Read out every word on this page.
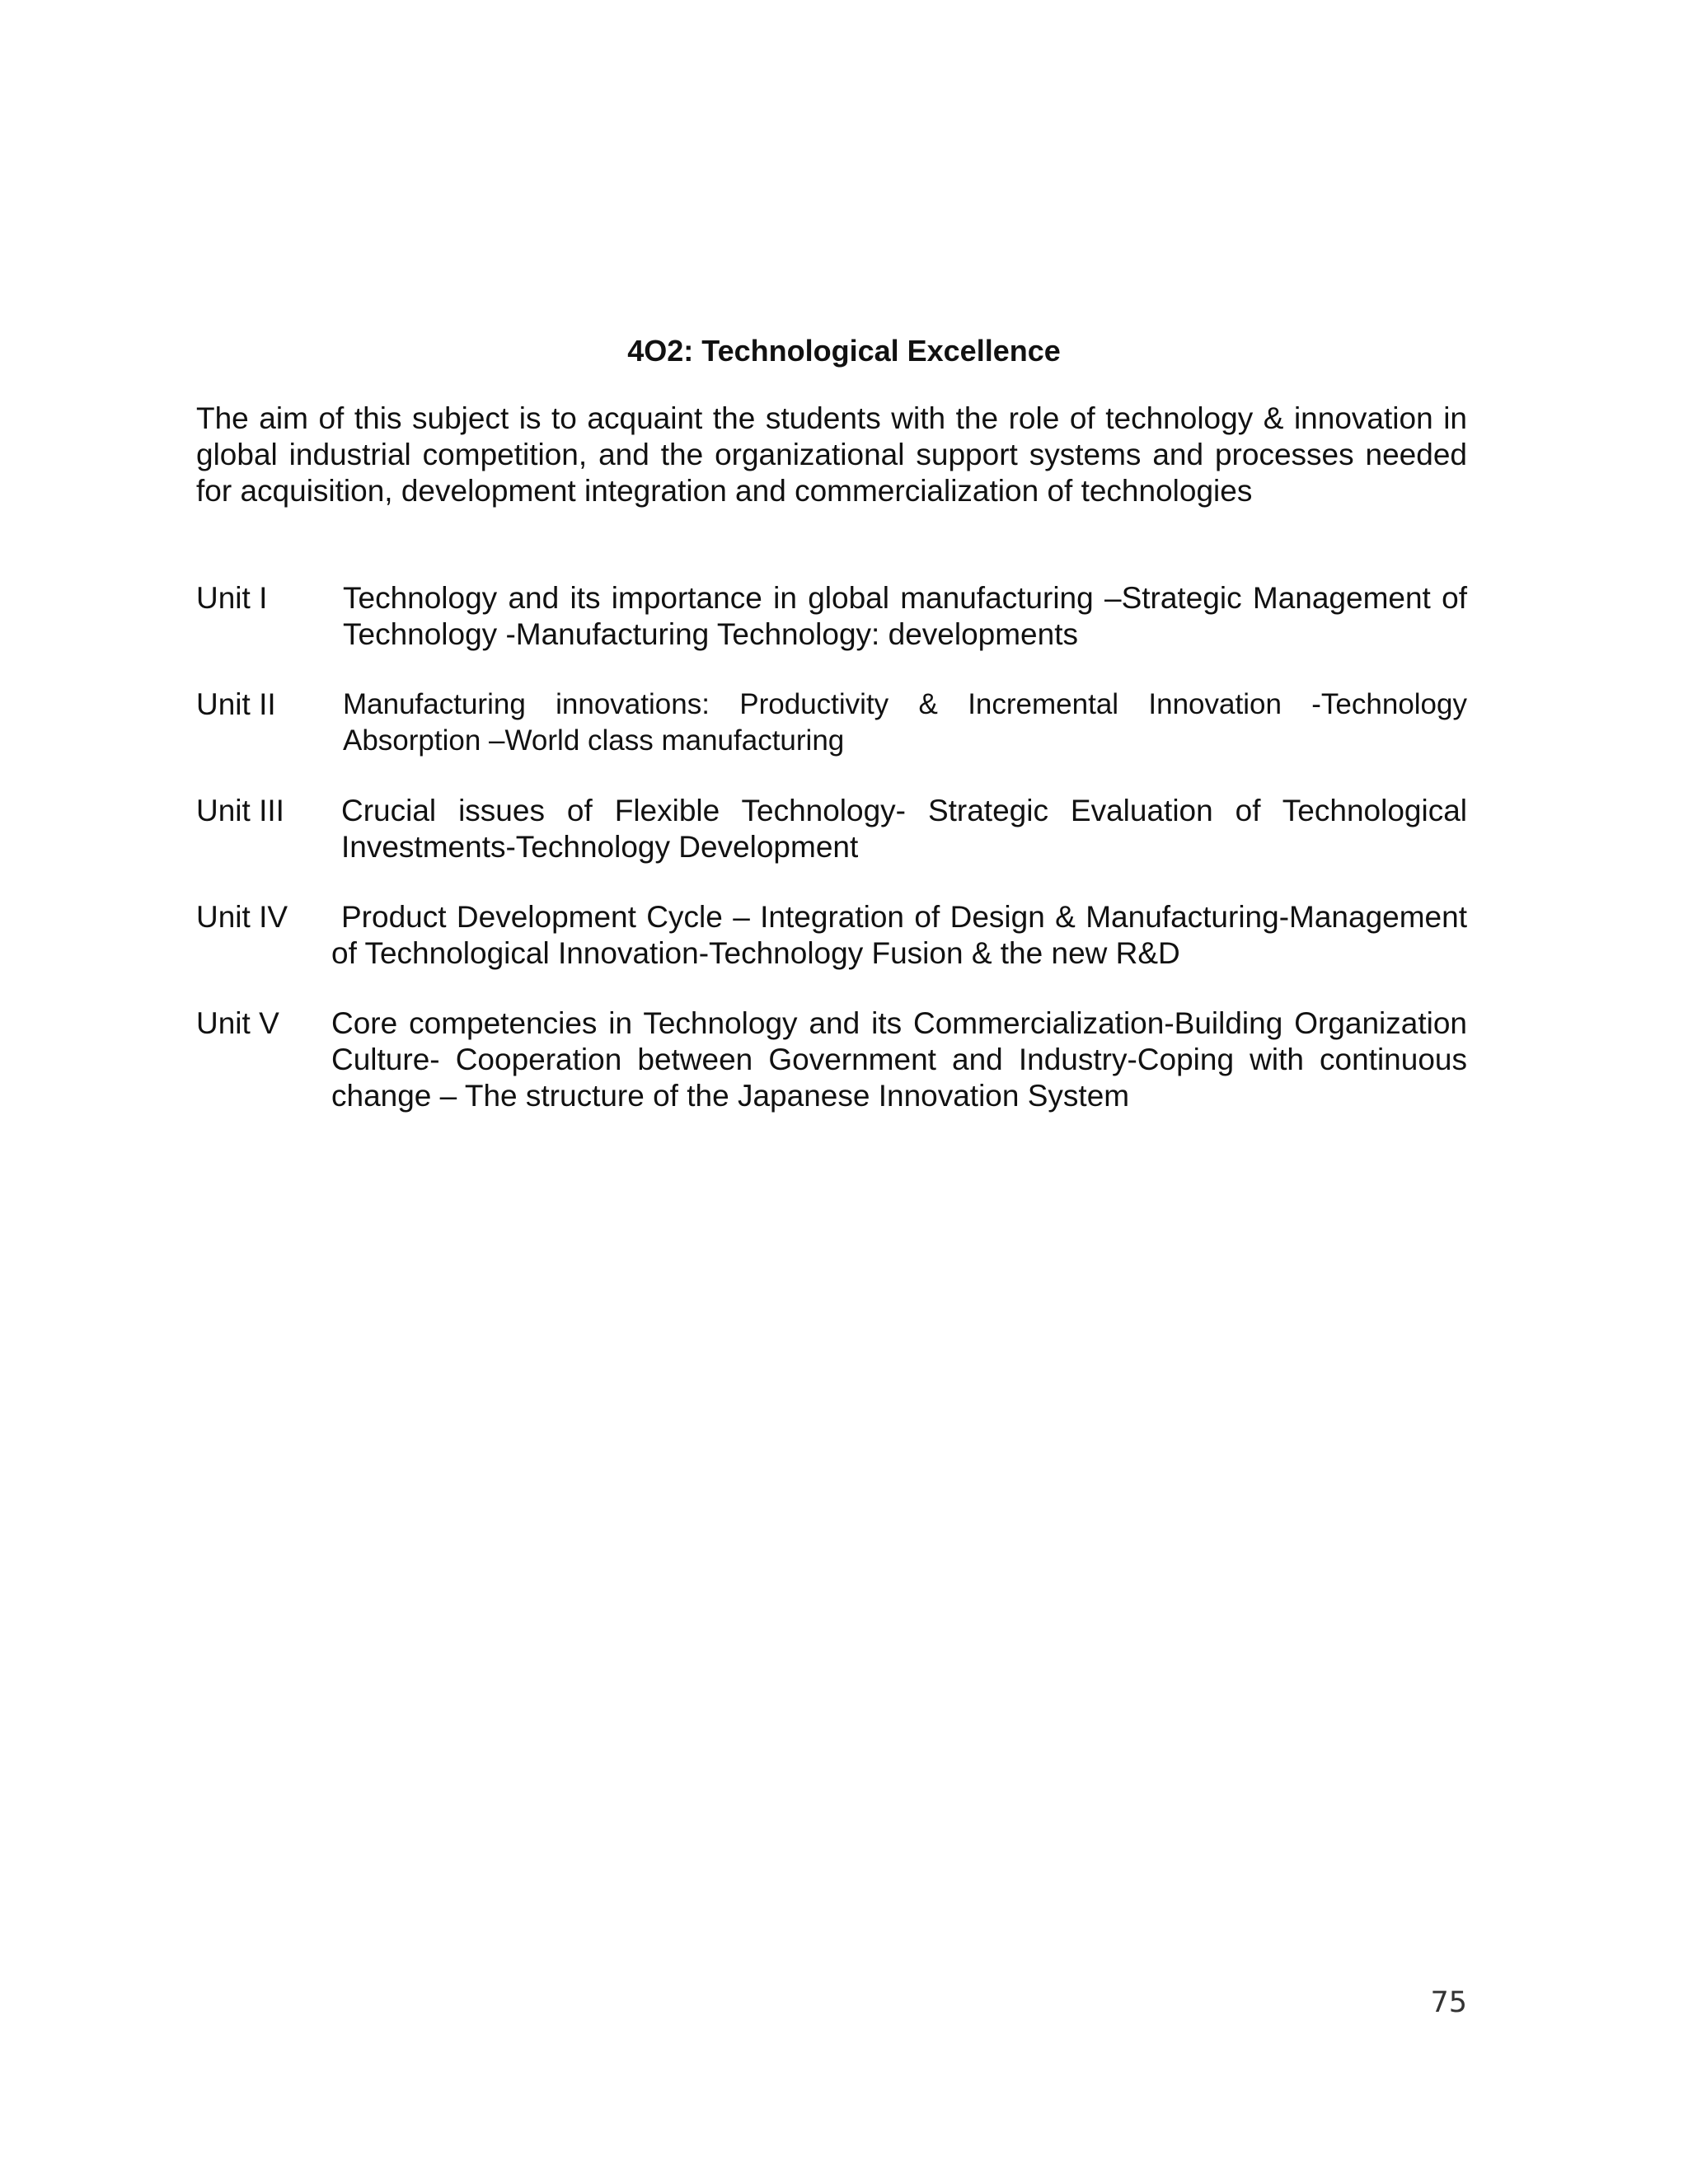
4O2: Technological Excellence
The aim of this subject is to acquaint the students with the role of technology & innovation in global industrial competition, and the organizational support systems and processes needed for acquisition, development integration and commercialization of technologies
Unit I Technology and its importance in global manufacturing –Strategic Management of Technology -Manufacturing Technology: developments
Unit II Manufacturing innovations: Productivity & Incremental Innovation -Technology Absorption –World class manufacturing
Unit III Crucial issues of Flexible Technology- Strategic Evaluation of Technological Investments-Technology Development
Unit IV	Product Development Cycle – Integration of Design & Manufacturing-Management of Technological Innovation-Technology Fusion & the new R&D
Unit V Core competencies in Technology and its Commercialization-Building Organization Culture- Cooperation between Government and Industry-Coping with continuous change – The structure of the Japanese Innovation System
75
